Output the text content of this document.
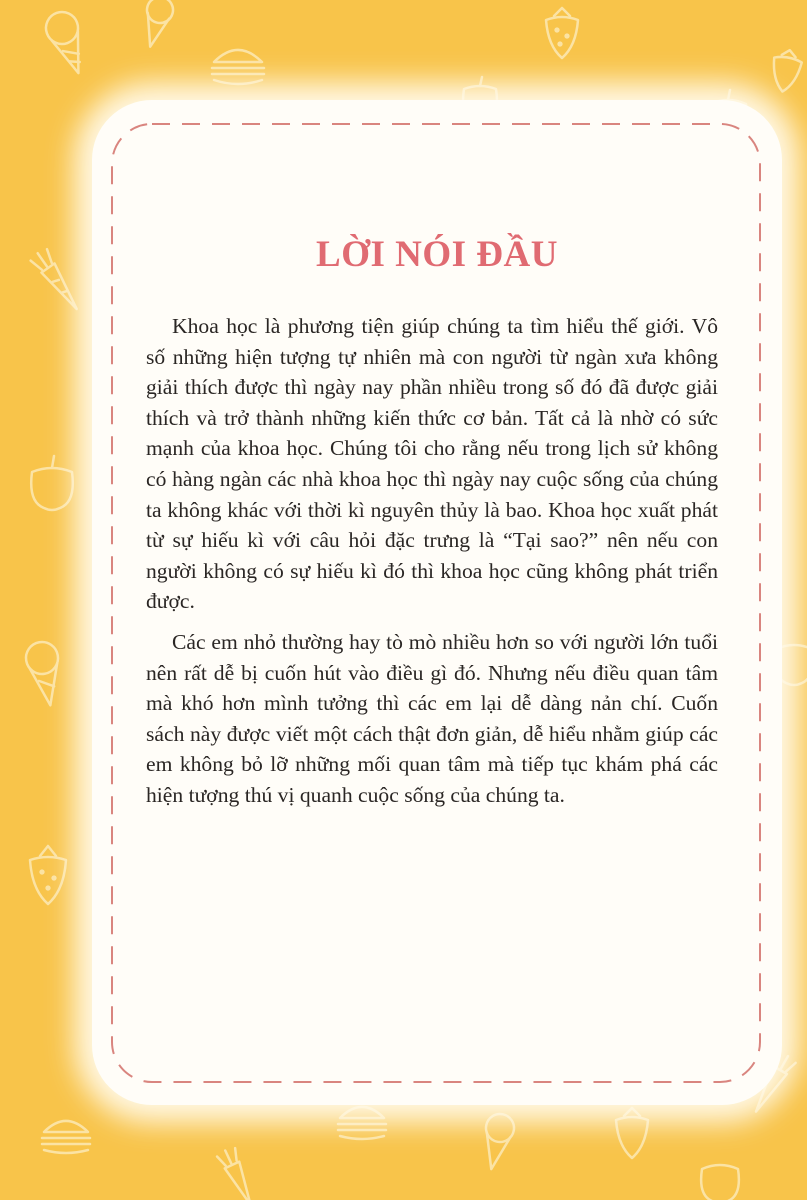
LỜI NÓI ĐẦU

Khoa học là phương tiện giúp chúng ta tìm hiểu thế giới. Vô số những hiện tượng tự nhiên mà con người từ ngàn xưa không giải thích được thì ngày nay phần nhiều trong số đó đã được giải thích và trở thành những kiến thức cơ bản. Tất cả là nhờ có sức mạnh của khoa học. Chúng tôi cho rằng nếu trong lịch sử không có hàng ngàn các nhà khoa học thì ngày nay cuộc sống của chúng ta không khác với thời kì nguyên thủy là bao. Khoa học xuất phát từ sự hiếu kì với câu hỏi đặc trưng là “Tại sao?” nên nếu con người không có sự hiếu kì đó thì khoa học cũng không phát triển được.

Các em nhỏ thường hay tò mò nhiều hơn so với người lớn tuổi nên rất dễ bị cuốn hút vào điều gì đó. Nhưng nếu điều quan tâm mà khó hơn mình tưởng thì các em lại dễ dàng nản chí. Cuốn sách này được viết một cách thật đơn giản, dễ hiểu nhằm giúp các em không bỏ lỡ những mối quan tâm mà tiếp tục khám phá các hiện tượng thú vị quanh cuộc sống của chúng ta.
